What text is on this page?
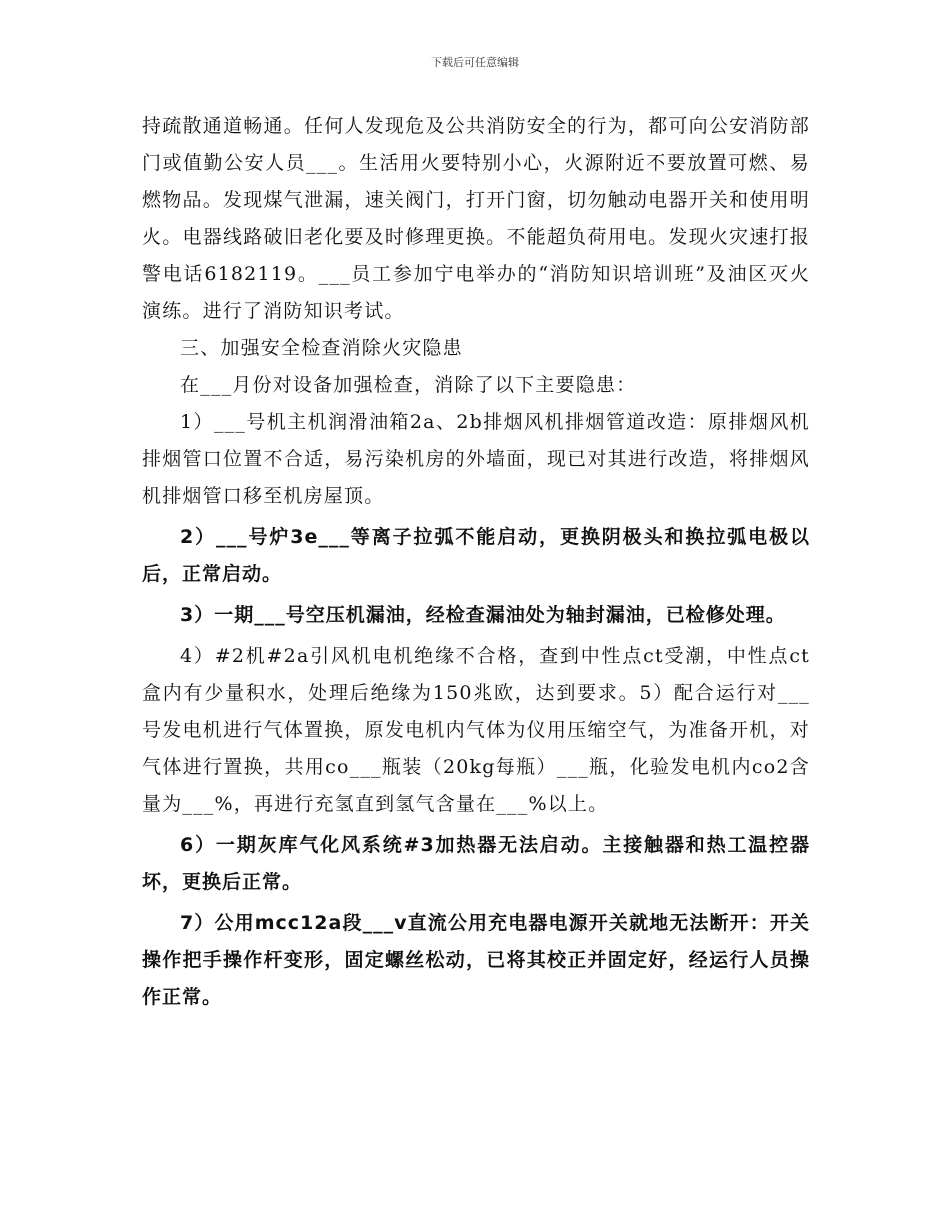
下载后可任意编辑

持疏散通道畅通。任何人发现危及公共消防安全的行为，都可向公安消防部门或值勤公安人员___。生活用火要特别小心，火源附近不要放置可燃、易燃物品。发现煤气泄漏，速关阀门，打开门窗，切勿触动电器开关和使用明火。电器线路破旧老化要及时修理更换。不能超负荷用电。发现火灾速打报警电话6182119。___员工参加宁电举办的“消防知识培训班”及油区灭火演练。进行了消防知识考试。

三、加强安全检查消除火灾隐患

在___月份对设备加强检查，消除了以下主要隐患：

1）___号机主机润滑油箱2a、2b排烟风机排烟管道改造：原排烟风机排烟管口位置不合适，易污染机房的外墙面，现已对其进行改造，将排烟风机排烟管口移至机房屋顶。

2）___号炉3e___等离子拉弧不能启动，更换阴极头和换拉弧电极以后，正常启动。

3）一期___号空压机漏油，经检查漏油处为轴封漏油，已检修处理。

4）#2机#2a引风机电机绝缘不合格，查到中性点ct受潮，中性点ct盒内有少量积水，处理后绝缘为150兆欧，达到要求。5）配合运行对___号发电机进行气体置换，原发电机内气体为仪用压缩空气，为准备开机，对气体进行置换，共用co___瓶装（20kg每瓶）___瓶，化验发电机内co2含量为___%，再进行充氢直到氢气含量在___%以上。

6）一期灰库气化风系统#3加热器无法启动。主接触器和热工温控器坏，更换后正常。

7）公用mcc12a段___v直流公用充电器电源开关就地无法断开：开关操作把手操作杆变形，固定螺丝松动，已将其校正并固定好，经运行人员操作正常。
